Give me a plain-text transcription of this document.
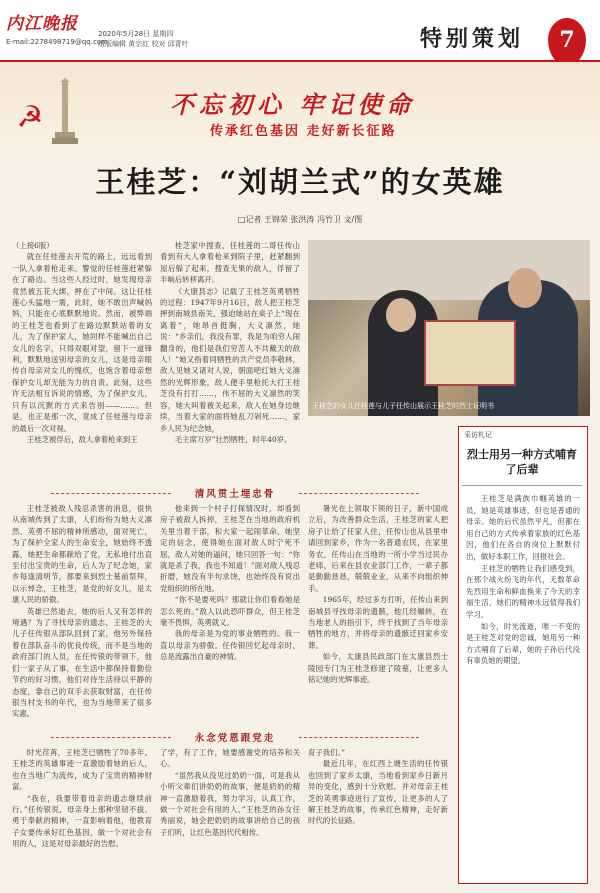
内江晚报	2020年5月28日 星期四
组版编辑 黄宗红 校对 邱青叶
E-mail:2278498719@qq.com	特别策划	7
☭	不忘初心 牢记使命
传承红色基因 走好新长征路
王桂芝：“刘胡兰式”的女英雄
□记者 王锦荣 张洪涛 冯竹卫 文/图

（上接6版）

就在任桂莲去开荒的路上，远远看到一队人拿着枪走来。警觉的任桂莲赶紧躲在了路边。当这些人经过时，她发现母亲竟然被五花大绑，押在了中间。这让任桂莲心头猛地一震，此时，她不敢出声喊妈妈，只能在心底默默地说。然而，被弊端的王桂芝也看到了在路边默默站着的女儿，为了保护家人，她同样不能喊出自己女儿的名字，只得双眼对望，留下一道锋利，默默地送别母亲的女儿，这是母亲眼传自母亲对女儿的愧疚，也饱含着母亲想保护女儿却无能为力的自责。此刻，这些许无法相互诉说的情感，为了保护女儿，只有以沉默的方式来告别——……。但是，也正是那一次，竟成了任桂莲与母亲的最后一次对视。

王桂芝被俘后，敌人拿着枪来到王

桂芝家中搜查，任桂莲的二哥任传山看到有大人拿着枪来到院子里，赶紧翻到屋后躲了起来，搜查无果的敌人，俘留了半晌后转移离开。

《大康县志》记载了王桂芝英勇牺牲的过程：1947年9月16日，敌人把王桂芝押到南城县南关，强迫她站在桌子上“现在离着”，她昂首挺胸，大义凛然，她说：“乡亲们，我没有罪，我是为咱穷人闹翻身的，他们是我们穷苦人不共戴天的敌人！”她又指着同牺牲的共产党员李敬林，敌人见她又诸对人说，朝面吧红她大义凛然的光辉形象，敌人便手里枪托大打王桂芝没有打打……，伟不屈的大义凛然的笑容，她大叫着被关起来，敌人在她身边继续，当着大家的面将她乱刀剁死……，家乡人民为纪念她，

毛主席万岁”壮烈牺牲，时年40岁。

王桂芝的女儿任桂莲与儿子任传山展示王桂芝的烈士证明书
清风贯土埋忠骨

王桂芝被敌人残忍杀害的消息，很快从南城传到了太康，人们纷纷为她大义凛然、英勇不屈的精神所感动，面对死亡，为了保护全家人的生命安全，她始终不透露，她把生命都献给了党，无私地付出直至付出宝贵的生命，后人为了纪念她，家乡每逢清明节，都要来到烈士墓前祭拜，以示悼念，王桂芝，是党的好女儿，是太康人民的骄傲。

英雄已然逝去，她的后人又有怎样的境遇？为了寻找母亲的遗志，王桂芝的大儿子任传银从部队回到了家，他另外保持着在部队奋斗的优良传统，而不是当地的政府部门的人员，在任传银的带领下，他们一家子从了事，在生活中都保持着勤俭节约的好习惯，他们对待生活持以平静的态度，靠自己的双手去获取财富，在任传银当村支书的年代，也为当地带来了很多实惠。

他来到一个村子打探情况时，却看到房子被敌人拆掉，王桂芝在当地的政府机关里当着干部，和大家一起闹革命，她坚定的信念，使得她在面对敌人时宁死不屈，敌人对她的逼问，她只回答一句：“你就是杀了我，我也不知道！”面对敌人残忍折磨，她没有半句求饶，也始终没有说出党组织的所在地。

“你不是要死吗？那就让你们看看她是怎么死的。”敌人以此恐吓群众，但王桂芝毫不畏惧，英勇就义。

我的母亲是为党的事业牺牲的。我一直以母亲为骄傲。任传银回忆起母亲时，总是流露出自豪的神情。

暑光在上领取下领的日子，新中国成立后，为改善群众生活，王桂芝的家人把房子让给了任家人住，任传山也从县里申请回到家乡，作为一名普通农民，在家里务农，任传山在当地的一所小学当过民办老师，后来在县农业部门工作，一辈子都是勤勤恳恳，兢兢业业，从来不向组织伸手。

1965年，经过多方打听，任传山来到南城县寻找母亲的遗骸，他几经辗转，在当地老人的指引下，终于找到了当年母亲牺牲的地方，并将母亲的遗骸迁回家乡安葬。

如今，太康县民政部门在太康县烈士陵园专门为王桂芝修建了陵墓，让更多人铭记她的光辉事迹。

永念党恩跟党走

时光荏苒，王桂芝已牺牲了70多年。王桂芝的英雄事迹一直激励着她的后人，也在当地广为流传，成为了宝贵的精神财富。

“我在，我要带着母亲的遗志继续前行。”任传银说，母亲身上那种坚韧不拔、勇于奉献的精神，一直影响着他，他教育子女要传承好红色基因，做一个对社会有用的人，这是对母亲最好的告慰。

了学，有了工作，她要感谢党的培养和关心。

“虽然我从没见过奶奶一面，可是我从小听父辈们讲奶奶的故事，便是奶奶的精神一直激励着我，努力学习，认真工作，做一个对社会有用的人。”王桂芝的孙女任秀丽说，她会把奶奶的故事讲给自己的孩子们听，让红色基因代代相传。

育子我们。”

最近几年，在红西上塘生活的任传银也回到了家乡太康，当地看到家乡日新月异的变化，感到十分欣慰。并对母亲王桂芝的英勇事迹进行了宣传，让更多的人了解王桂芝的故事，传承红色精神，走好新时代的长征路。

采访札记
烈士用另一种方式哺育了后辈

王桂芝是满族巾帼英雄的一员，她是英雄事迹，但也是普通的母亲。她的后代虽然平凡，但都在用自己的方式传承着家族的红色基因，他们在各自的岗位上默默付出，做好本职工作，回报社会。

王桂芝的牺牲让我们感受到，在那个战火纷飞的年代，无数革命先烈用生命和鲜血换来了今天的幸福生活，她们的精神永远值得我们学习。

如今，时光流逝，唯一不变的是王桂芝对党的忠诚，她用另一种方式哺育了后辈，她的子孙后代没有辜负她的期望。
